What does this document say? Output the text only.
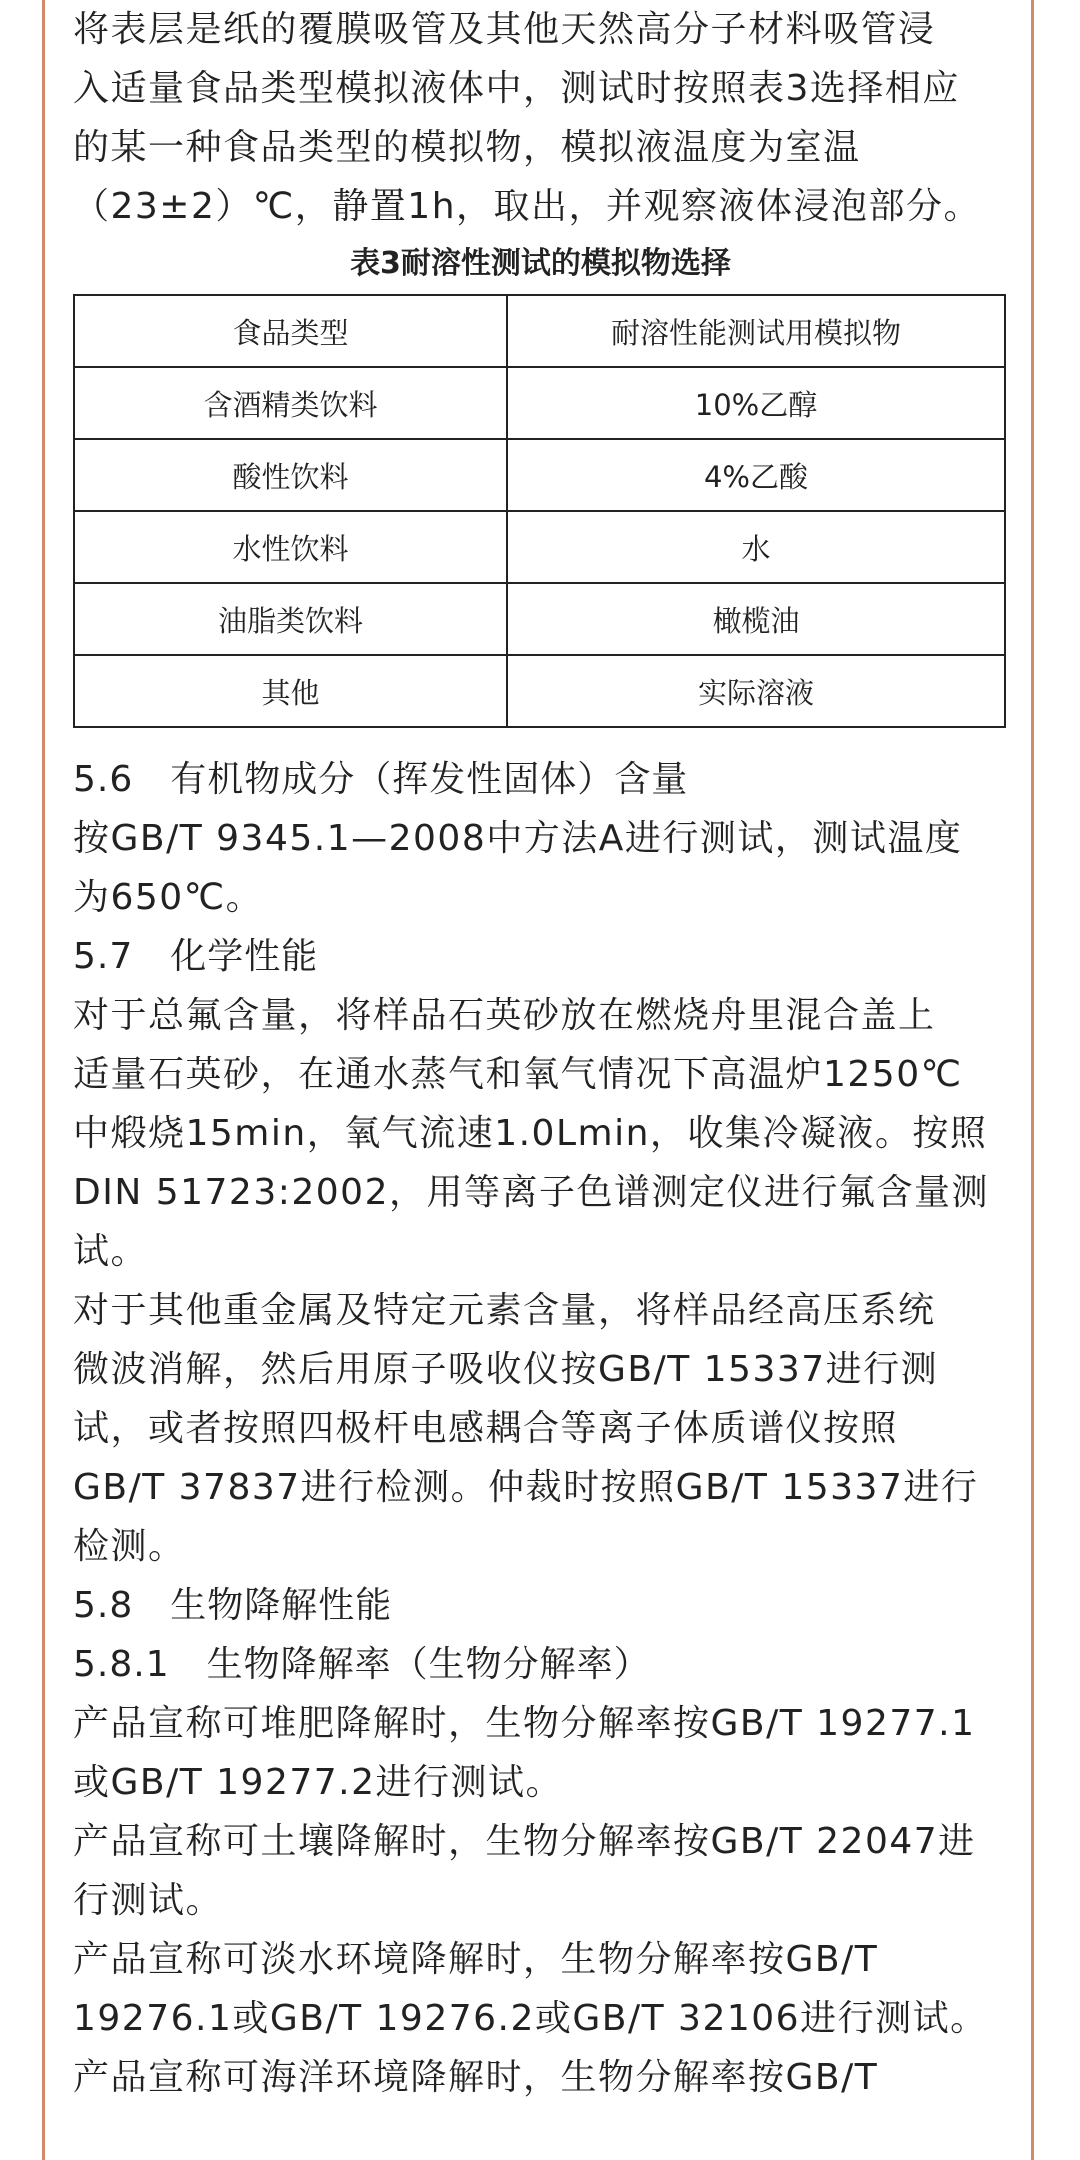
将表层是纸的覆膜吸管及其他天然高分子材料吸管浸
入适量食品类型模拟液体中，测试时按照表3选择相应
的某一种食品类型的模拟物，模拟液温度为室温
（23±2）℃，静置1h，取出，并观察液体浸泡部分。

表3耐溶性测试的模拟物选择
食品类型	耐溶性能测试用模拟物
含酒精类饮料	10%乙醇
酸性饮料	4%乙酸
水性饮料	水
油脂类饮料	橄榄油
其他	实际溶液

5.6　有机物成分（挥发性固体）含量

按GB/T 9345.1—2008中方法A进行测试，测试温度
为650℃。

5.7　化学性能

对于总氟含量，将样品石英砂放在燃烧舟里混合盖上
适量石英砂，在通水蒸气和氧气情况下高温炉1250℃
中煅烧15min，氧气流速1.0Lmin，收集冷凝液。按照
DIN 51723:2002，用等离子色谱测定仪进行氟含量测
试。

对于其他重金属及特定元素含量，将样品经高压系统
微波消解，然后用原子吸收仪按GB/T 15337进行测
试，或者按照四极杆电感耦合等离子体质谱仪按照
GB/T 37837进行检测。仲裁时按照GB/T 15337进行
检测。

5.8　生物降解性能

5.8.1　生物降解率（生物分解率）

产品宣称可堆肥降解时，生物分解率按GB/T 19277.1
或GB/T 19277.2进行测试。

产品宣称可土壤降解时，生物分解率按GB/T 22047进
行测试。

产品宣称可淡水环境降解时，生物分解率按GB/T
19276.1或GB/T 19276.2或GB/T 32106进行测试。

产品宣称可海洋环境降解时，生物分解率按GB/T
